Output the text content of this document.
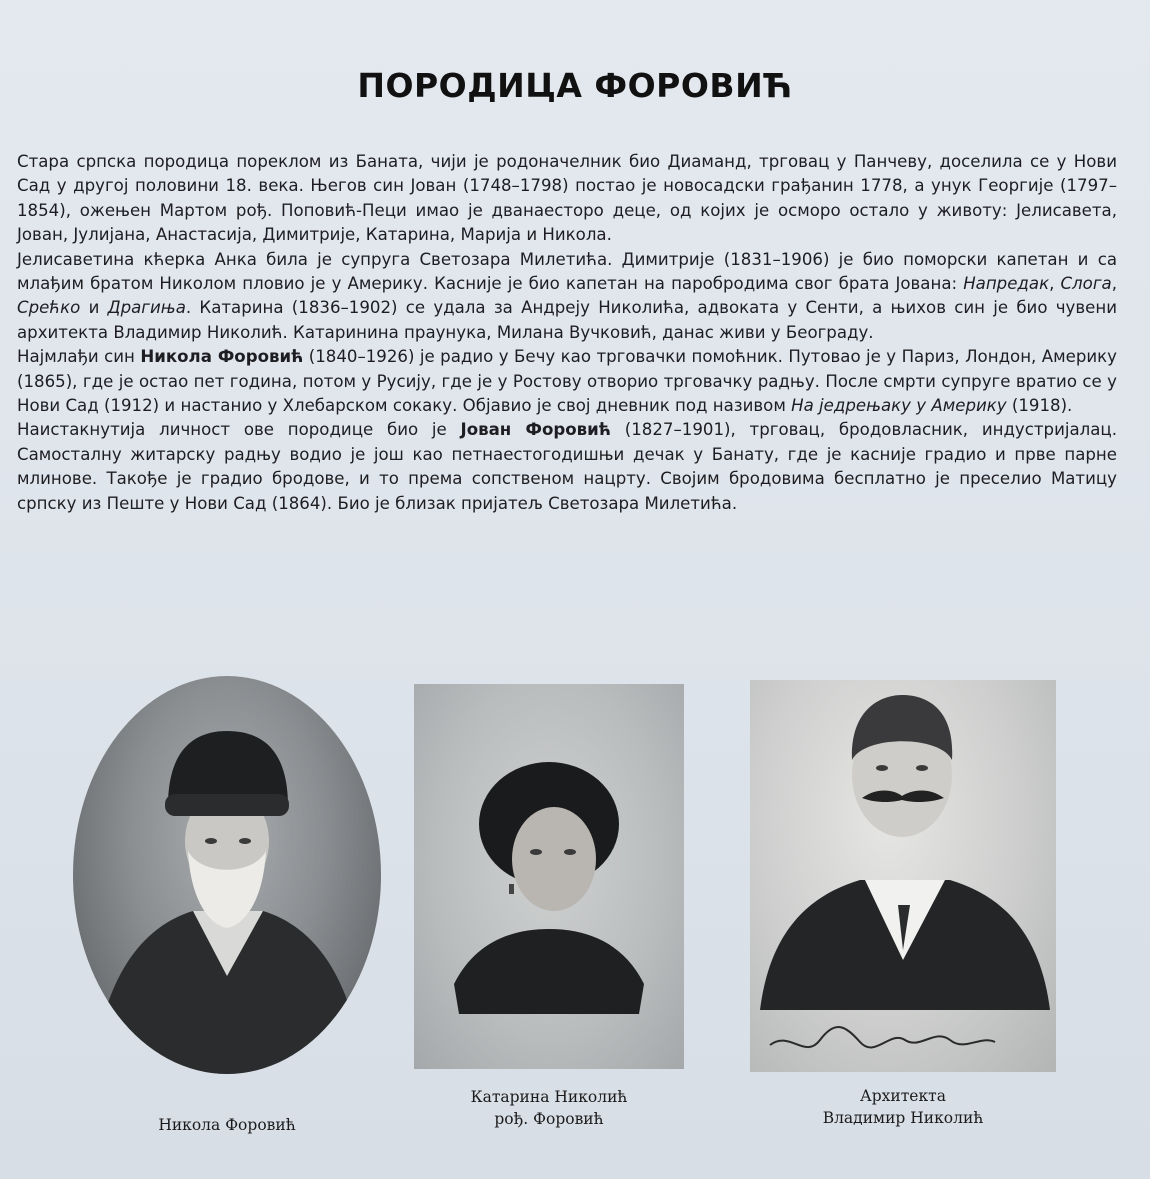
ПОРОДИЦА ФОРОВИЋ

Стара српска породица пореклом из Баната, чији је родоначелник био Диаманд, трговац у Панчеву, доселила се у Нови Сад у другој половини 18. века. Његов син Јован (1748–1798) постао је новосадски грађанин 1778, а унук Георгије (1797–1854), ожењен Мартом рођ. Поповић-Пеци имао је дванаесторо деце, од којих је осморо остало у животу: Јелисавета, Јован, Јулијана, Анастасија, Димитрије, Катарина, Марија и Никола.

Јелисаветина кћерка Анка била је супруга Светозара Милетића. Димитрије (1831–1906) је био поморски капетан и са млађим братом Николом пловио је у Америку. Касније је био капетан на паробродима свог брата Јована: Напредак, Слога, Срећко и Драгиња. Катарина (1836–1902) се удала за Андреју Николића, адвоката у Сенти, а њихов син је био чувени архитекта Владимир Николић. Катаринина праунука, Милана Вучковић, данас живи у Београду.

Најмлађи син Никола Форовић (1840–1926) је радио у Бечу као трговачки помоћник. Путовао је у Париз, Лондон, Америку (1865), где је остао пет година, потом у Русију, где је у Ростову отворио трговачку радњу. После смрти супруге вратио се у Нови Сад (1912) и настанио у Хлебарском сокаку. Објавио је свој дневник под називом На једрењаку у Америку (1918).

Наистакнутија личност ове породице био је Јован Форовић (1827–1901), трговац, бродовласник, индустријалац. Самосталну житарску радњу водио је још као петнаестогодишњи дечак у Банату, где је касније градио и прве парне млинове. Такође је градио бродове, и то према сопственом нацрту. Својим бродовима бесплатно је преселио Матицу српску из Пеште у Нови Сад (1864). Био је близак пријатељ Светозара Милетића.

Никола Форовић
Катарина Николић
рођ. Форовић
Архитекта
Владимир Николић
